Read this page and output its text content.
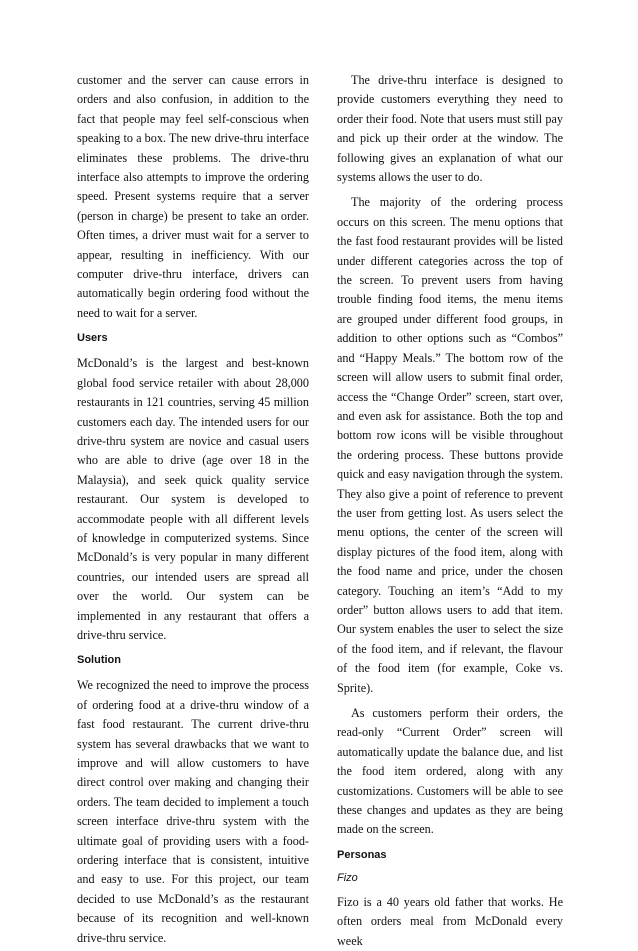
customer and the server can cause errors in orders and also confusion, in addition to the fact that people may feel self-conscious when speaking to a box. The new drive-thru interface eliminates these problems. The drive-thru interface also attempts to improve the ordering speed. Present systems require that a server (person in charge) be present to take an order. Often times, a driver must wait for a server to appear, resulting in inefficiency. With our computer drive-thru interface, drivers can automatically begin ordering food without the need to wait for a server.

Users

McDonald’s is the largest and best-known global food service retailer with about 28,000 restaurants in 121 countries, serving 45 million customers each day. The intended users for our drive-thru system are novice and casual users who are able to drive (age over 18 in the Malaysia), and seek quick quality service restaurant. Our system is developed to accommodate people with all different levels of knowledge in computerized systems. Since McDonald’s is very popular in many different countries, our intended users are spread all over the world. Our system can be implemented in any restaurant that offers a drive-thru service.

Solution

We recognized the need to improve the process of ordering food at a drive-thru window of a fast food restaurant. The current drive-thru system has several drawbacks that we want to improve and will allow customers to have direct control over making and changing their orders. The team decided to implement a touch screen interface drive-thru system with the ultimate goal of providing users with a food-ordering interface that is consistent, intuitive and easy to use. For this project, our team decided to use McDonald’s as the restaurant because of its recognition and well-known drive-thru service.

The drive-thru interface is designed to provide customers everything they need to order their food. Note that users must still pay and pick up their order at the window. The following gives an explanation of what our systems allows the user to do.

The majority of the ordering process occurs on this screen. The menu options that the fast food restaurant provides will be listed under different categories across the top of the screen. To prevent users from having trouble finding food items, the menu items are grouped under different food groups, in addition to other options such as “Combos” and “Happy Meals.” The bottom row of the screen will allow users to submit final order, access the “Change Order” screen, start over, and even ask for assistance. Both the top and bottom row icons will be visible throughout the ordering process. These buttons provide quick and easy navigation through the system. They also give a point of reference to prevent the user from getting lost. As users select the menu options, the center of the screen will display pictures of the food item, along with the food name and price, under the chosen category. Touching an item’s “Add to my order” button allows users to add that item. Our system enables the user to select the size of the food item, and if relevant, the flavour of the food item (for example, Coke vs. Sprite).

As customers perform their orders, the read-only “Current Order” screen will automatically update the balance due, and list the food item ordered, along with any customizations. Customers will be able to see these changes and updates as they are being made on the screen.

Personas
Fizo

Fizo is a 40 years old father that works. He often orders meal from McDonald every week
